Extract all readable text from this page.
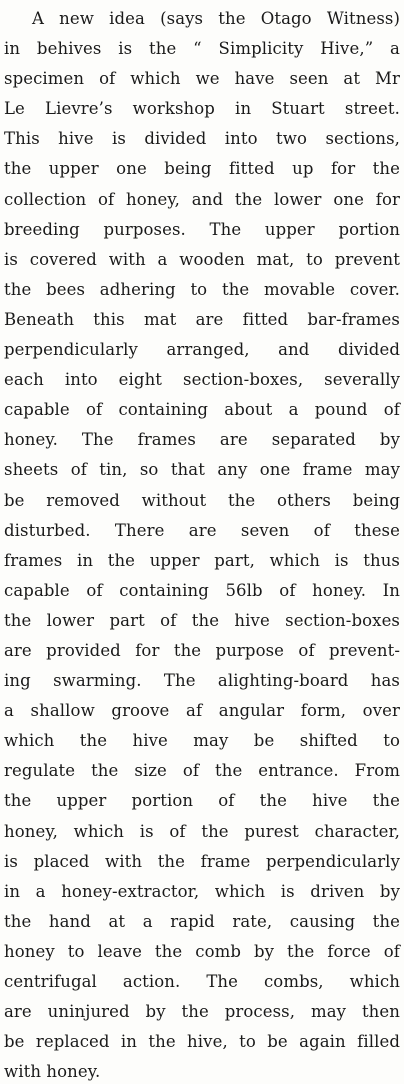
A new idea (says the Otago Witness)
in behives is the “ Simplicity Hive,” a
specimen of which we have seen at Mr
Le Lievre’s workshop in Stuart street.
This hive is divided into two sections,
the upper one being fitted up for the
collection of honey, and the lower one for
breeding purposes. The upper portion
is covered with a wooden mat, to prevent
the bees adhering to the movable cover.
Beneath this mat are fitted bar-frames
perpendicularly arranged, and divided
each into eight section-boxes, severally
capable of containing about a pound of
honey. The frames are separated by
sheets of tin, so that any one frame may
be removed without the others being
disturbed. There are seven of these
frames in the upper part, which is thus
capable of containing 56lb of honey. In
the lower part of the hive section-boxes
are provided for the purpose of prevent-
ing swarming. The alighting-board has
a shallow groove af angular form, over
which the hive may be shifted to
regulate the size of the entrance. From
the upper portion of the hive the
honey, which is of the purest character,
is placed with the frame perpendicularly
in a honey-extractor, which is driven by
the hand at a rapid rate, causing the
honey to leave the comb by the force of
centrifugal action. The combs, which
are uninjured by the process, may then
be replaced in the hive, to be again filled
with honey.
